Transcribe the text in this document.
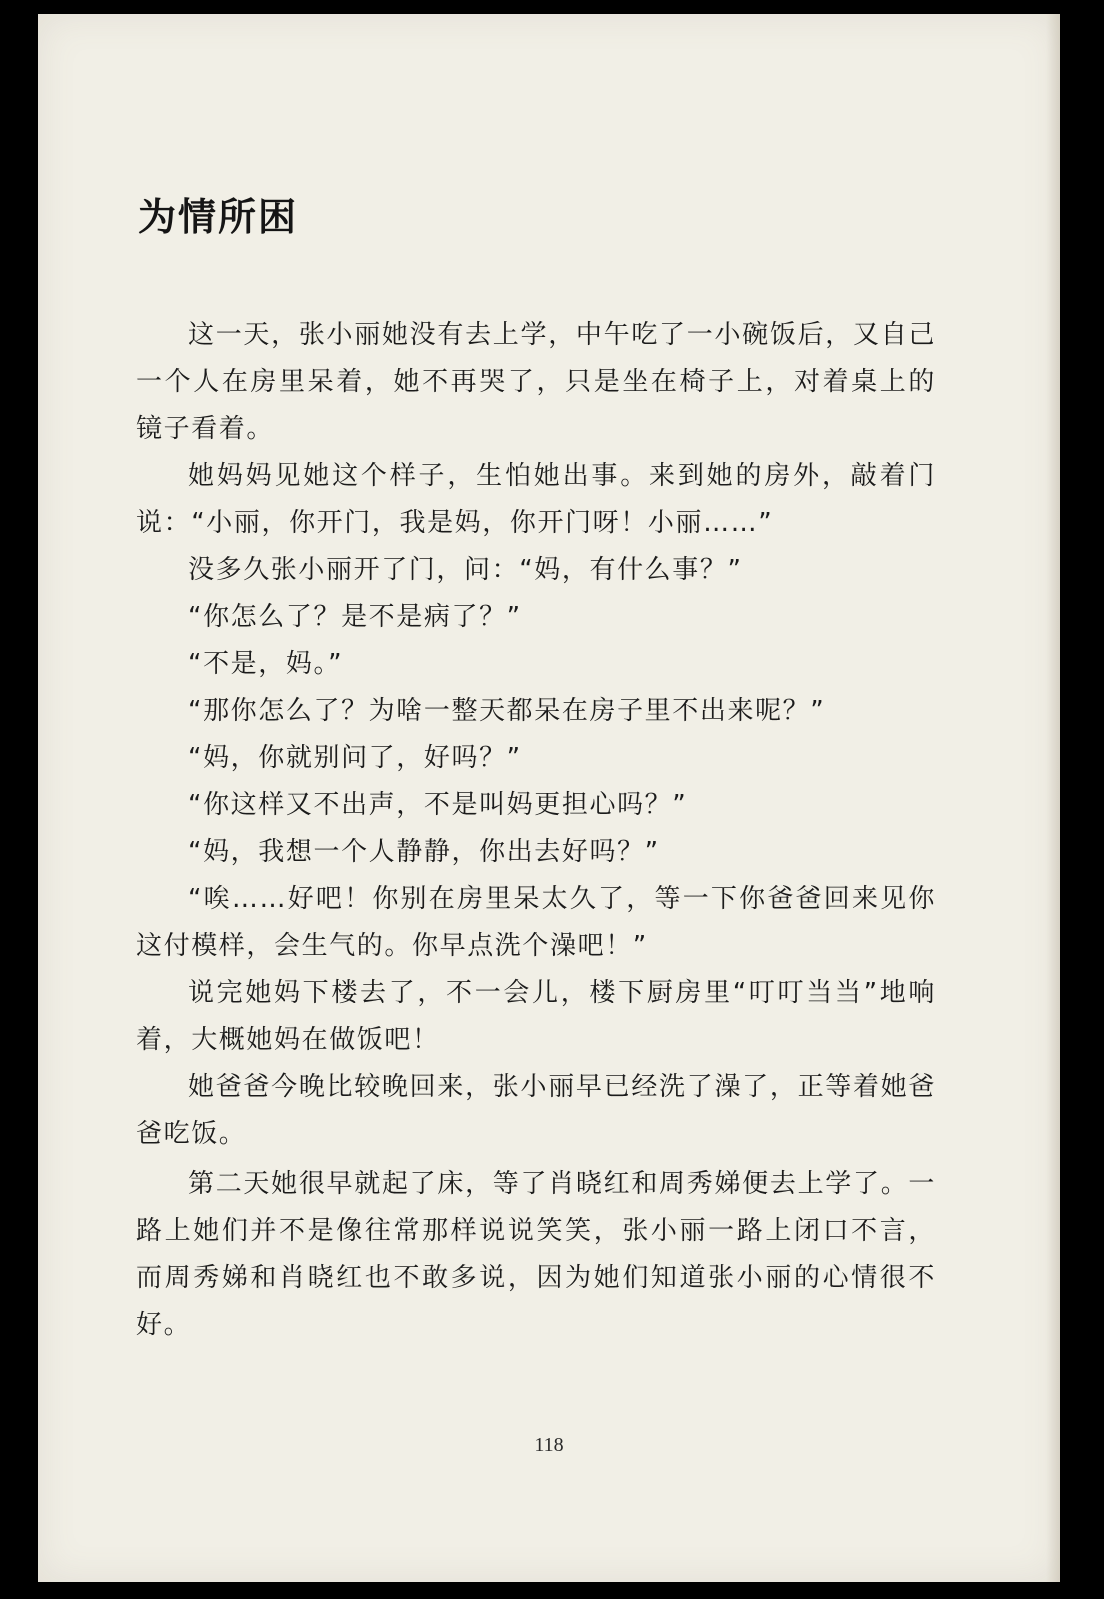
为情所困

这一天，张小丽她没有去上学，中午吃了一小碗饭后，又自己一个人在房里呆着，她不再哭了，只是坐在椅子上，对着桌上的镜子看着。

她妈妈见她这个样子，生怕她出事。来到她的房外，敲着门说：“小丽，你开门，我是妈，你开门呀！小丽……”

没多久张小丽开了门，问：“妈，有什么事？”

“你怎么了？是不是病了？”

“不是，妈。”

“那你怎么了？为啥一整天都呆在房子里不出来呢？”

“妈，你就别问了，好吗？”

“你这样又不出声，不是叫妈更担心吗？”

“妈，我想一个人静静，你出去好吗？”

“唉……好吧！你别在房里呆太久了，等一下你爸爸回来见你这付模样，会生气的。你早点洗个澡吧！”

说完她妈下楼去了，不一会儿，楼下厨房里“叮叮当当”地响着，大概她妈在做饭吧！

她爸爸今晚比较晚回来，张小丽早已经洗了澡了，正等着她爸爸吃饭。

第二天她很早就起了床，等了肖晓红和周秀娣便去上学了。一路上她们并不是像往常那样说说笑笑，张小丽一路上闭口不言，而周秀娣和肖晓红也不敢多说，因为她们知道张小丽的心情很不好。

118
